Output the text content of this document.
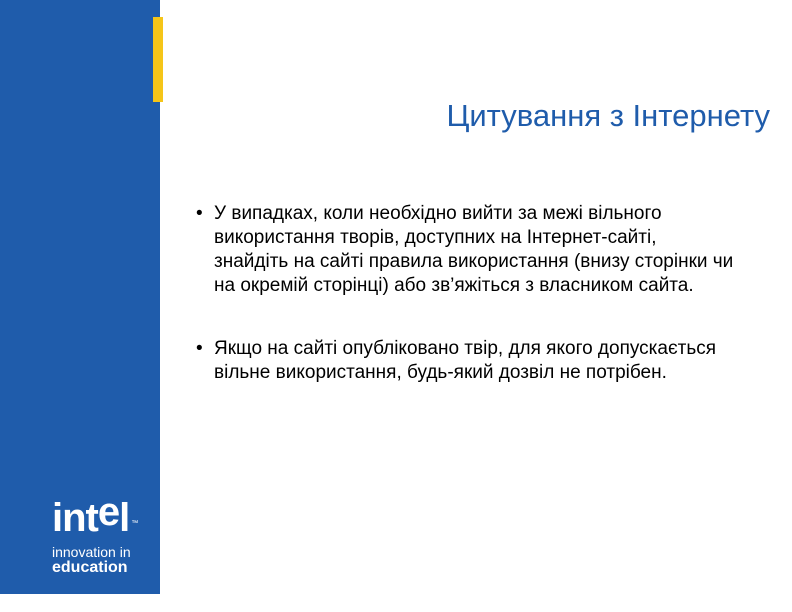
intel $_™$
innovation in
education
Цитування з Інтернету
• У випадках, коли необхідно вийти за межі вільного використання творів, доступних на Інтернет-сайті, знайдіть на сайті правила використання (внизу сторінки чи на окремій сторінці) або зв’яжіться з власником сайта.
• Якщо на сайті опубліковано твір, для якого допускається вільне використання, будь-який дозвіл не потрібен.
